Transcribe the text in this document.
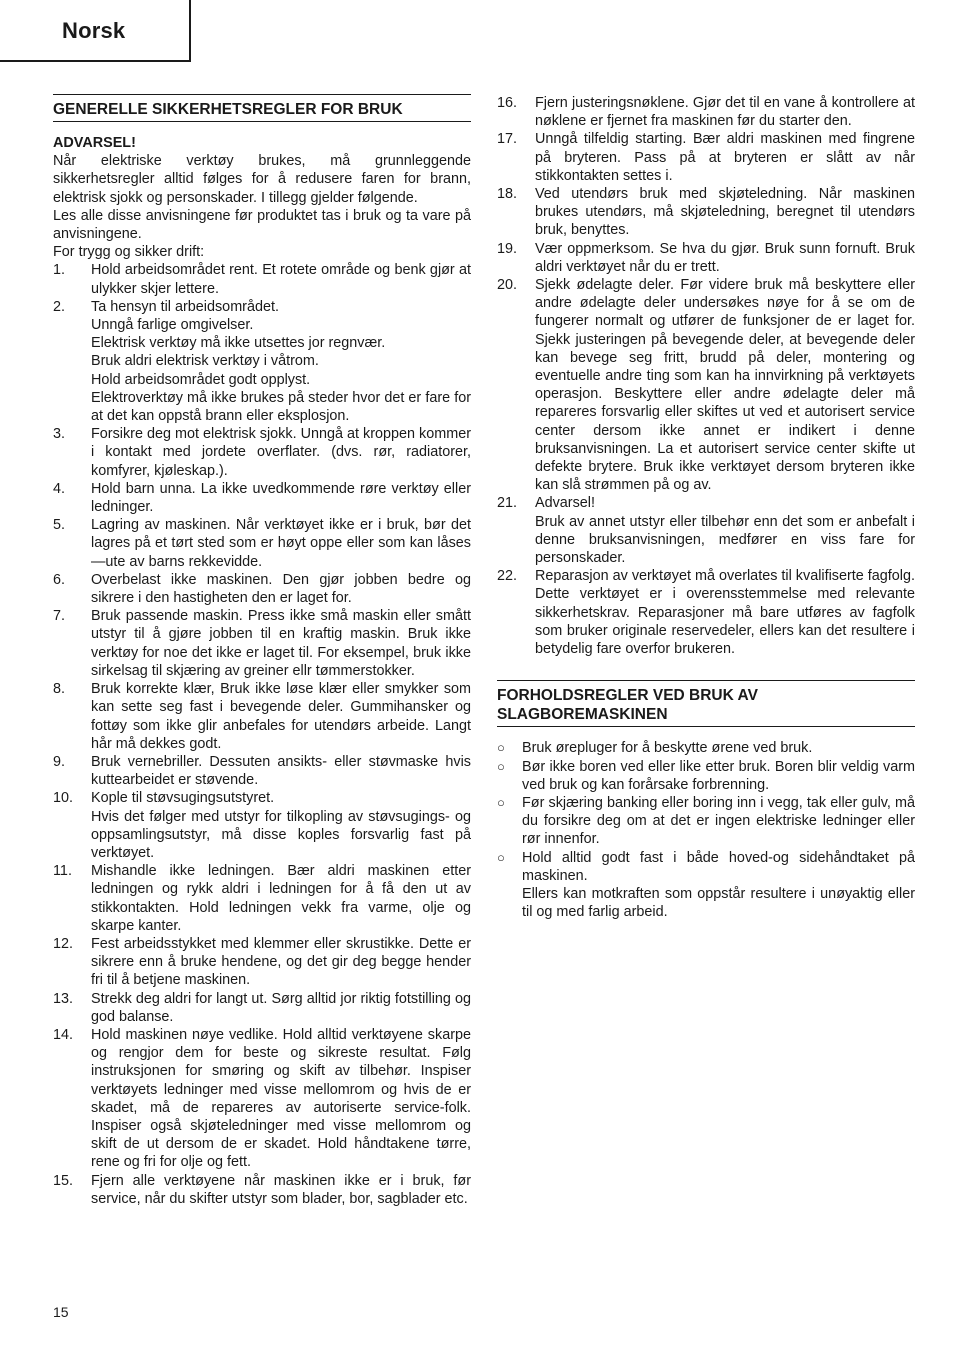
Norsk
GENERELLE SIKKERHETSREGLER FOR BRUK
ADVARSEL!
Når elektriske verktøy brukes, må grunnleggende sikkerhetsregler alltid følges for å redusere faren for brann, elektrisk sjokk og personskader. I tillegg gjelder følgende.
Les alle disse anvisningene før produktet tas i bruk og ta vare på anvisningene.
For trygg og sikker drift:
1.	Hold arbeidsområdet rent. Et rotete område og benk gjør at ulykker skjer lettere.
2.	Ta hensyn til arbeidsområdet.
Unngå farlige omgivelser.
Elektrisk verktøy må ikke utsettes jor regnvær.
Bruk aldri elektrisk verktøy i våtrom.
Hold arbeidsområdet godt opplyst.
Elektroverktøy må ikke brukes på steder hvor det er fare for at det kan oppstå brann eller eksplosjon.
3.	Forsikre deg mot elektrisk sjokk. Unngå at kroppen kommer i kontakt med jordete overflater. (dvs. rør, radiatorer, komfyrer, kjøleskap.).
4.	Hold barn unna. La ikke uvedkommende røre verktøy eller ledninger.
5.	Lagring av maskinen. Når verktøyet ikke er i bruk, bør det lagres på et tørt sted som er høyt oppe eller som kan låses—ute av barns rekkevidde.
6.	Overbelast ikke maskinen. Den gjør jobben bedre og sikrere i den hastigheten den er laget for.
7.	Bruk passende maskin. Press ikke små maskin eller smått utstyr til å gjøre jobben til en kraftig maskin. Bruk ikke verktøy for noe det ikke er laget til. For eksempel, bruk ikke sirkelsag til skjæring av greiner ellr tømmerstokker.
8.	Bruk korrekte klær, Bruk ikke løse klær eller smykker som kan sette seg fast i bevegende deler. Gummihansker og fottøy som ikke glir anbefales for utendørs arbeide. Langt hår må dekkes godt.
9.	Bruk vernebriller. Dessuten ansikts- eller støvmaske hvis kuttearbeidet er støvende.
10.	Kople til støvsugingsutstyret.
Hvis det følger med utstyr for tilkopling av støvsugings- og oppsamlingsutstyr, må disse koples forsvarlig fast på verktøyet.
11.	Mishandle ikke ledningen. Bær aldri maskinen etter ledningen og rykk aldri i ledningen for å få den ut av stikkontakten. Hold ledningen vekk fra varme, olje og skarpe kanter.
12.	Fest arbeidsstykket med klemmer eller skrustikke. Dette er sikrere enn å bruke hendene, og det gir deg begge hender fri til å betjene maskinen.
13.	Strekk deg aldri for langt ut. Sørg alltid jor riktig fotstilling og god balanse.
14.	Hold maskinen nøye vedlike. Hold alltid verktøyene skarpe og rengjor dem for beste og sikreste resultat. Følg instruksjonen for smøring og skift av tilbehør. Inspiser verktøyets ledninger med visse mellomrom og hvis de er skadet, må de repareres av autoriserte service-folk. Inspiser også skjøteledninger med visse mellomrom og skift de ut dersom de er skadet. Hold håndtakene tørre, rene og fri for olje og fett.
15.	Fjern alle verktøyene når maskinen ikke er i bruk, før service, når du skifter utstyr som blader, bor, sagblader etc.
16.	Fjern justeringsnøklene. Gjør det til en vane å kontrollere at nøklene er fjernet fra maskinen før du starter den.
17.	Unngå tilfeldig starting. Bær aldri maskinen med fingrene på bryteren. Pass på at bryteren er slått av når stikkontakten settes i.
18.	Ved utendørs bruk med skjøteledning. Når maskinen brukes utendørs, må skjøteledning, beregnet til utendørs bruk, benyttes.
19.	Vær oppmerksom. Se hva du gjør. Bruk sunn fornuft. Bruk aldri verktøyet når du er trett.
20.	Sjekk ødelagte deler. Før videre bruk må beskyttere eller andre ødelagte deler undersøkes nøye for å se om de fungerer normalt og utfører de funksjoner de er laget for. Sjekk justeringen på bevegende deler, at bevegende deler kan bevege seg fritt, brudd på deler, montering og eventuelle andre ting som kan ha innvirkning på verktøyets operasjon. Beskyttere eller andre ødelagte deler må repareres forsvarlig eller skiftes ut ved et autorisert service center dersom ikke annet er indikert i denne bruksanvisningen. La et autorisert service center skifte ut defekte brytere. Bruk ikke verktøyet dersom bryteren ikke kan slå strømmen på og av.
21.	Advarsel!
Bruk av annet utstyr eller tilbehør enn det som er anbefalt i denne bruksanvisningen, medfører en viss fare for personskader.
22.	Reparasjon av verktøyet må overlates til kvalifiserte fagfolg. Dette verktøyet er i overensstemmelse med relevante sikkerhetskrav. Reparasjoner må bare utføres av fagfolk som bruker originale reservedeler, ellers kan det resultere i betydelig fare overfor brukeren.
FORHOLDSREGLER VED BRUK AV SLAGBOREMASKINEN
○	Bruk ørepluger for å beskytte ørene ved bruk.
○	Bør ikke boren ved eller like etter bruk. Boren blir veldig varm ved bruk og kan forårsake forbrenning.
○	Før skjæring banking eller boring inn i vegg, tak eller gulv, må du forsikre deg om at det er ingen elektriske ledninger eller rør innenfor.
○	Hold alltid godt fast i både hoved-og sidehåndtaket på maskinen.
Ellers kan motkraften som oppstår resultere i unøyaktig eller til og med farlig arbeid.
15
